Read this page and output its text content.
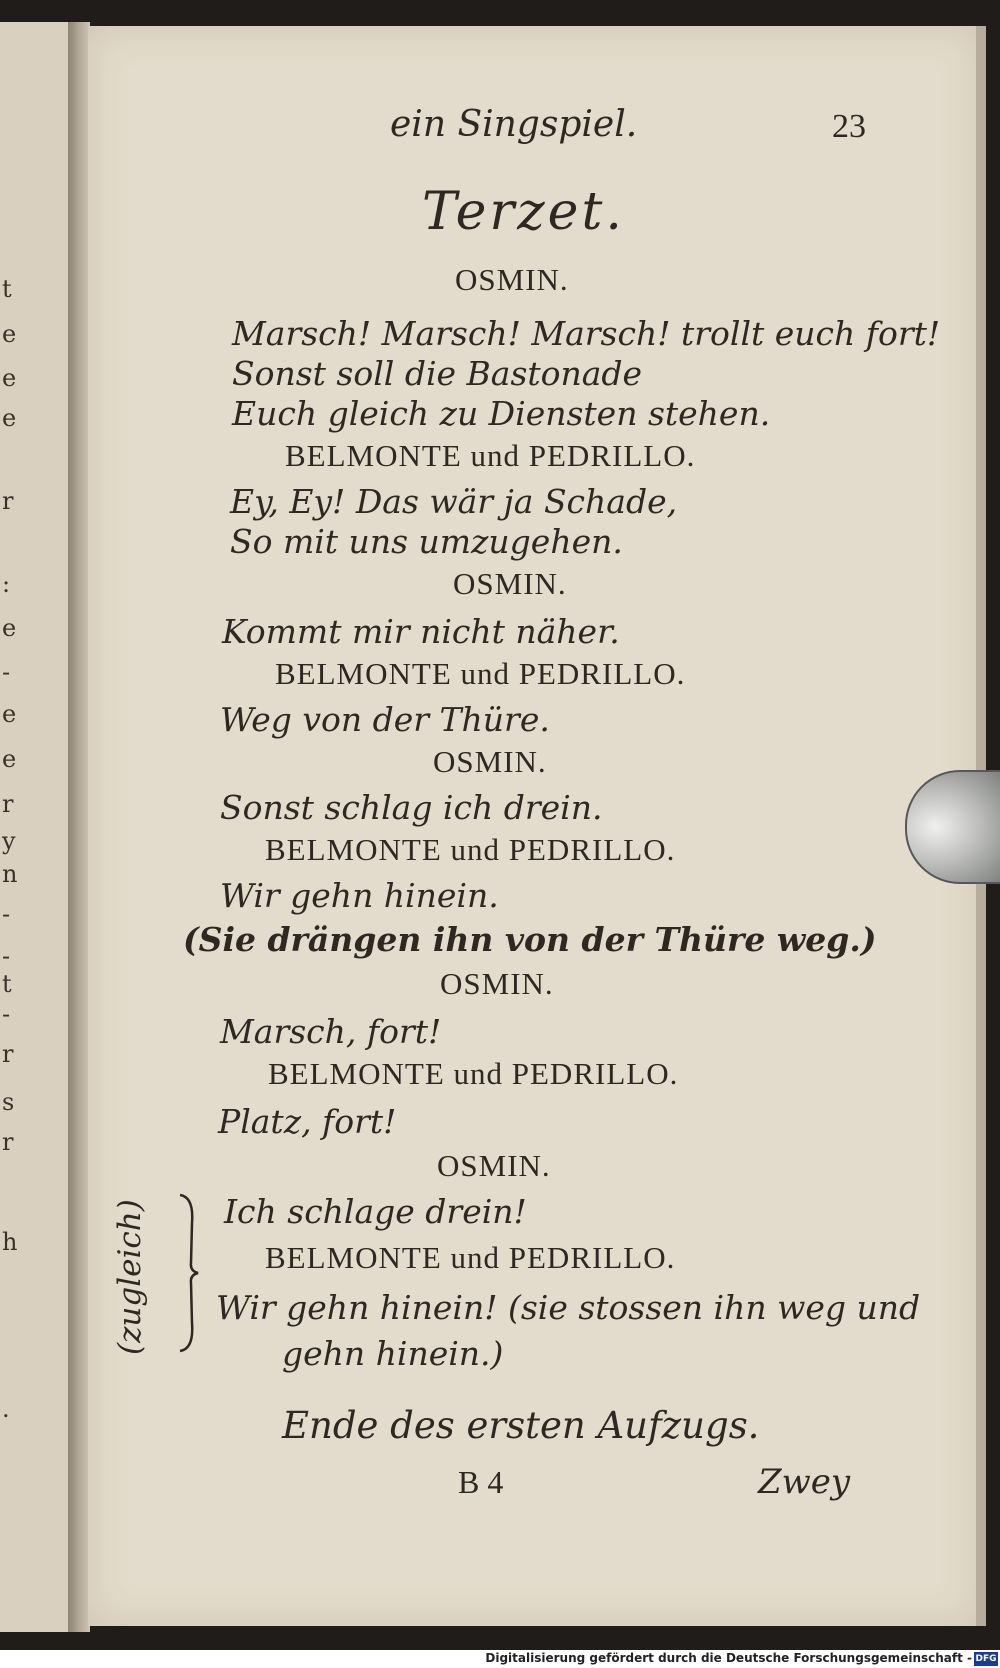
t
e
e
e
r
:
e
-
e
e
r
y
n
-
-
t
-
r
s
r
h
.
ein Singspiel.	23
Terzet.
OSMIN.
Marsch! Marsch! Marsch! trollt euch fort!
Sonst soll die Bastonade
Euch gleich zu Diensten stehen.
BELMONTE und PEDRILLO.
Ey, Ey! Das wär ja Schade,
So mit uns umzugehen.
OSMIN.
Kommt mir nicht näher.
BELMONTE und PEDRILLO.
Weg von der Thüre.
OSMIN.
Sonst schlag ich drein.
BELMONTE und PEDRILLO.
Wir gehn hinein.
(Sie drängen ihn von der Thüre weg.)
OSMIN.
Marsch, fort!
BELMONTE und PEDRILLO.
Platz, fort!
OSMIN.
Ich schlage drein!
BELMONTE und PEDRILLO.
Wir gehn hinein! (sie stossen ihn weg und
gehn hinein.)
(zugleich)
Ende des ersten Aufzugs.
B 4	Zwey
Digitalisierung gefördert durch die Deutsche Forschungsgemeinschaft - DFG
